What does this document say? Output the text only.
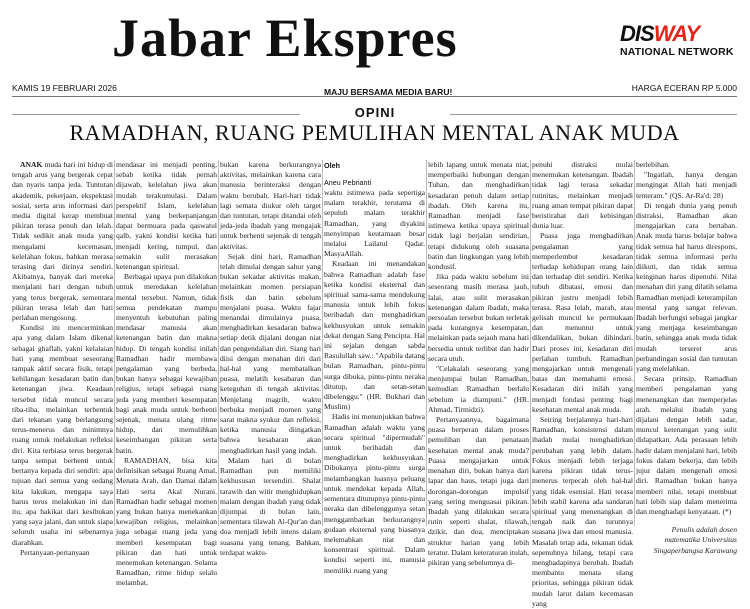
Jabar Ekspres	DISWAY
NATIONAL NETWORK
KAMIS 19 FEBRUARI 2026	MAJU BERSAMA MEDIA BARU!	HARGA ECERAN RP 5.000
OPINI
RAMADHAN, RUANG PEMULIHAN MENTAL ANAK MUDA

ANAK muda hari ini hidup di tengah arus yang bergerak cepat dan nyaris tanpa jeda. Tuntutan akademik, pekerjaan, ekspektasi sosial, serta arus informasi dari media digital kerap membuat pikiran terasa penuh dan lelah. Tidak sedikit anak muda yang mengalami kecemasan, kelelahan fokus, bahkan merasa terasing dari dirinya sendiri. Akibatnya, banyak dari mereka menjalani hari dengan tubuh yang terus bergerak, sementara pikiran terasa lelah dan hati perlahan mengosong.

Kondisi ini mencerminkan apa yang dalam Islam dikenal sebagai ghaflah, yakni kelalaian hati yang membuat seseorang tampak aktif secara fisik, tetapi kehilangan kesadaran batin dan ketenangan jiwa. Keadaan tersebut tidak muncul secara tiba-tiba, melainkan terbentuk dari tekanan yang berlangsung terus-menerus dan minimnya ruang untuk melakukan refleksi diri. Kita terbiasa terus bergerak tanpa sempat berhenti untuk bertanya kepada diri sendiri: apa tujuan dari semua yang sedang kita lakukan, mengapa saya harus terus melakukan ini dan itu, apa hakikat dari kesibukan yang saya jalani, dan untuk siapa seluruh usaha ini sebenarnya diarahkan.

Pertanyaan-pertanyaan

mendasar ini menjadi penting, sebab ketika tidak pernah dijawab, kelelahan jiwa akan mudah terakumulasi. Dalam perspektif Islam, kelelahan mental yang berkepanjangan dapat bermuara pada qaswatul qalb, yakni kondisi ketika hati menjadi kering, tumpul, dan semakin sulit merasakan ketenangan spiritual.

Berbagai upaya pun dilakukan untuk meredakan kelelahan mental tersebut. Namun, tidak semua pendekatan mampu menyentuh kebutuhan paling mendasar manusia akan ketenangan batin dan makna hidup. Di tengah kondisi inilah Ramadhan hadir membawa pengalaman yang berbeda, bukan hanya sebagai kewajiban religius, tetapi sebagai ruang jeda yang memberi kesempatan bagi anak muda untuk berhenti sejenak, menata ulang ritme hidup, dan memulihkan keseimbangan pikiran serta batin.

RAMADHAN, bisa kita definisikan sebagai Ruang Amal, Menata Arah, dan Damai dalam Hati serta Akal Nurani. Ramadhan hadir sebagai momen yang bukan hanya menekankan kewajiban religius, melainkan juga sebagai ruang jeda yang memberi kesempatan bagi pikiran dan hati untuk menemukan ketenangan. Selama Ramadhan, ritme hidup selalu melambat,

bukan karena berkurangnya aktivitas, melainkan karena cara manusia berinteraksi dengan waktu berubah. Hari-hari tidak lagi semata diukur oleh target dan tuntutan, tetapi ditandai oleh jeda-jeda ibadah yang mengajak untuk berhenti sejenak di tengah aktivitas.

Sejak dini hari, Ramadhan telah dimulai dengan sahur yang bukan sekadar aktivitas makan, melainkan momen persiapan fisik dan batin sebelum menjalani puasa. Waktu fajar menandai dimulainya puasa, menghadirkan kesadaran bahwa setiap detik dijalani dengan niat dan pengendalian diri. Siang hari diisi dengan menahan diri dari hal-hal yang membatalkan puasa, melatih kesabaran dan keteguhan di tengah aktivitas. Menjelang magrib, waktu berbuka menjadi momen yang sarat makna syukur dan refleksi, ketika manusia diingatkan bahwa kesabaran akan menghadirkan hasil yang indah.

Malam hari di bulan Ramadhan pun memiliki kekhususan tersendiri. Shalat tarawih dan witir menghidupkan malam dengan ibadah yang tidak dijumpai di bulan lain, sementara tilawah Al-Qur'an dan doa menjadi lebih intens dalam suasana yang tenang. Bahkan, terdapat waktu-

Oleh
Aneu Pebrianti

waktu istimewa pada sepertiga malam terakhir, terutama di sepuluh malam terakhir Ramadhan, yang diyakini menyimpan keutamaan besar melalui Lailatul Qadar. MasyaAllah.

Keadaan ini menandakan bahwa Ramadhan adalah fase ketika kondisi eksternal dan spiritual sama-sama mendukung manusia untuk lebih fokus beribadah dan menghadirkan kekhusyukan untuk semakin dekat dengan Sang Pencipta. Hal ini sejalan dengan sabda Rasulullah saw.: "Apabila datang bulan Ramadhan, pintu-pintu surga dibuka, pintu-pintu neraka ditutup, dan setan-setan dibelenggu." (HR. Bukhari dan Muslim)

Hadis ini menunjukkan bahwa Ramadhan adalah waktu yang secara spiritual "dipermudah" untuk beribadah dan menghadirkan kekhusyukan. Dibukanya pintu-pintu surga melambangkan luasnya peluang untuk mendekat kepada Allah, sementara ditutupnya pintu-pintu neraka dan dibelenggunya setan menggambarkan berkurangnya godaan eksternal yang biasanya melemahkan niat dan konsentrasi spiritual. Dalam kondisi seperti ini, manusia memiliki ruang yang

lebih lapang untuk menata niat, memperbaiki hubungan dengan Tuhan, dan menghadirkan kesadaran penuh dalam setiap ibadah. Oleh karena itu, Ramadhan menjadi fase istimewa ketika upaya spiritual tidak lagi berjalan sendirian, tetapi didukung oleh suasana batin dan lingkungan yang lebih kondusif.

Jika pada waktu sebelum ini seseorang masih merasa jauh, lalai, atau sulit merasakan ketenangan dalam ibadah, maka persoalan tersebut bukan terletak pada kurangnya kesempatan, melainkan pada sejauh mana hati bersedia untuk terlibat dan hadir secara utuh.

"Celakalah seseorang yang menjumpai bulan Ramadhan, kemudian Ramadhan berlalu sebelum ia diampuni." (HR. Ahmad, Tirmidzi).

Pertanyaannya, bagaimana puasa berperan dalam proses pemulihan dan penataan kesehatan mental anak muda? Puasa mengajarkan untuk menahan diri, bukan hanya dari lapar dan haus, tetapi juga dari dorongan-dorongan impulsif yang sering menguasai pikiran. Ibadah yang dilakukan secara rutin seperti shalat, tilawah, dzikir, dan doa, menciptakan struktur harian yang lebih teratur. Dalam keteraturan itulah, pikiran yang sebelumnya di-

penuhi distraksi mulai menemukan ketenangan. Ibadah tidak lagi terasa sekadar rutinitas, melainkan menjadi ruang aman tempat pikiran dapat beristirahat dari kebisingan dunia luar.

Puasa juga menghadirkan pengalaman yang memperlembut kesadaran terhadap kehidupan orang lain dan terhadap diri sendiri. Ketika tubuh dibatasi, emosi dan pikiran justru menjadi lebih terasa. Rasa lelah, marah, atau gelisah muncul ke permukaan dan menuntut untuk dikendalikan, bukan dihindari. Dari proses ini, kesadaran diri perlahan tumbuh. Ramadhan mengajarkan untuk mengenali batas dan memahami emosi. Kesadaran diri inilah yang menjadi fondasi penting bagi kesehatan mental anak muda.

Seiring berjalannya hari-hari Ramadhan, konsistensi dalam ibadah mulai menghadirkan perubahan yang lebih dalam. Fokus menjadi lebih terjaga karena pikiran tidak terus-menerus terpecah oleh hal-hal yang tidak esensial. Hati terasa lebih stabil karena ada sandaran spiritual yang menenangkan di tengah naik dan turunnya suasana jiwa dan emosi manusia. Masalah tetap ada, tekanan tidak sepenuhnya hilang, tetapi cara menghadapinya berubah. Ibadah membantu menata ulang prioritas, sehingga pikiran tidak mudah larut dalam kecemasan yang

berlebihan.

"Ingatlah, hanya dengan mengingat Allah hati menjadi tenteram." (QS. Ar-Ra'd: 28)

Di tengah dunia yang penuh distraksi, Ramadhan akan mengajarkan cara bertahan. Anak muda harus belajar bahwa tidak semua hal harus direspons, tidak semua informasi perlu diikuti, dan tidak semua keinginan harus dipenuhi. Nilai menahan diri yang dilatih selama Ramadhan menjadi keterampilan mental yang sangat relevan. Ibadah berfungsi sebagai jangkar yang menjaga keseimbangan batin, sehingga anak muda tidak mudah terseret arus perbandingan sosial dan tuntutan yang melelahkan.

Secara prinsip, Ramadhan memberi pengalaman yang menenangkan dan memperjelas arah. melalui ibadah yang dijalani dengan lebih sadar, muncul ketenangan yang sulit didapatkan. Ada perasaan lebih hadir dalam menjalani hari, lebih fokus dalam bekerja, dan lebih jujur dalam mengenali emosi diri. Ramadhan bukan hanya memberi nilai, tetapi membuat hati lebih siap dalam menerima dan menghadapi kenyataan. (*)

Penulis adalah dosen matematika Universitas Singaperbangsa Karawang
